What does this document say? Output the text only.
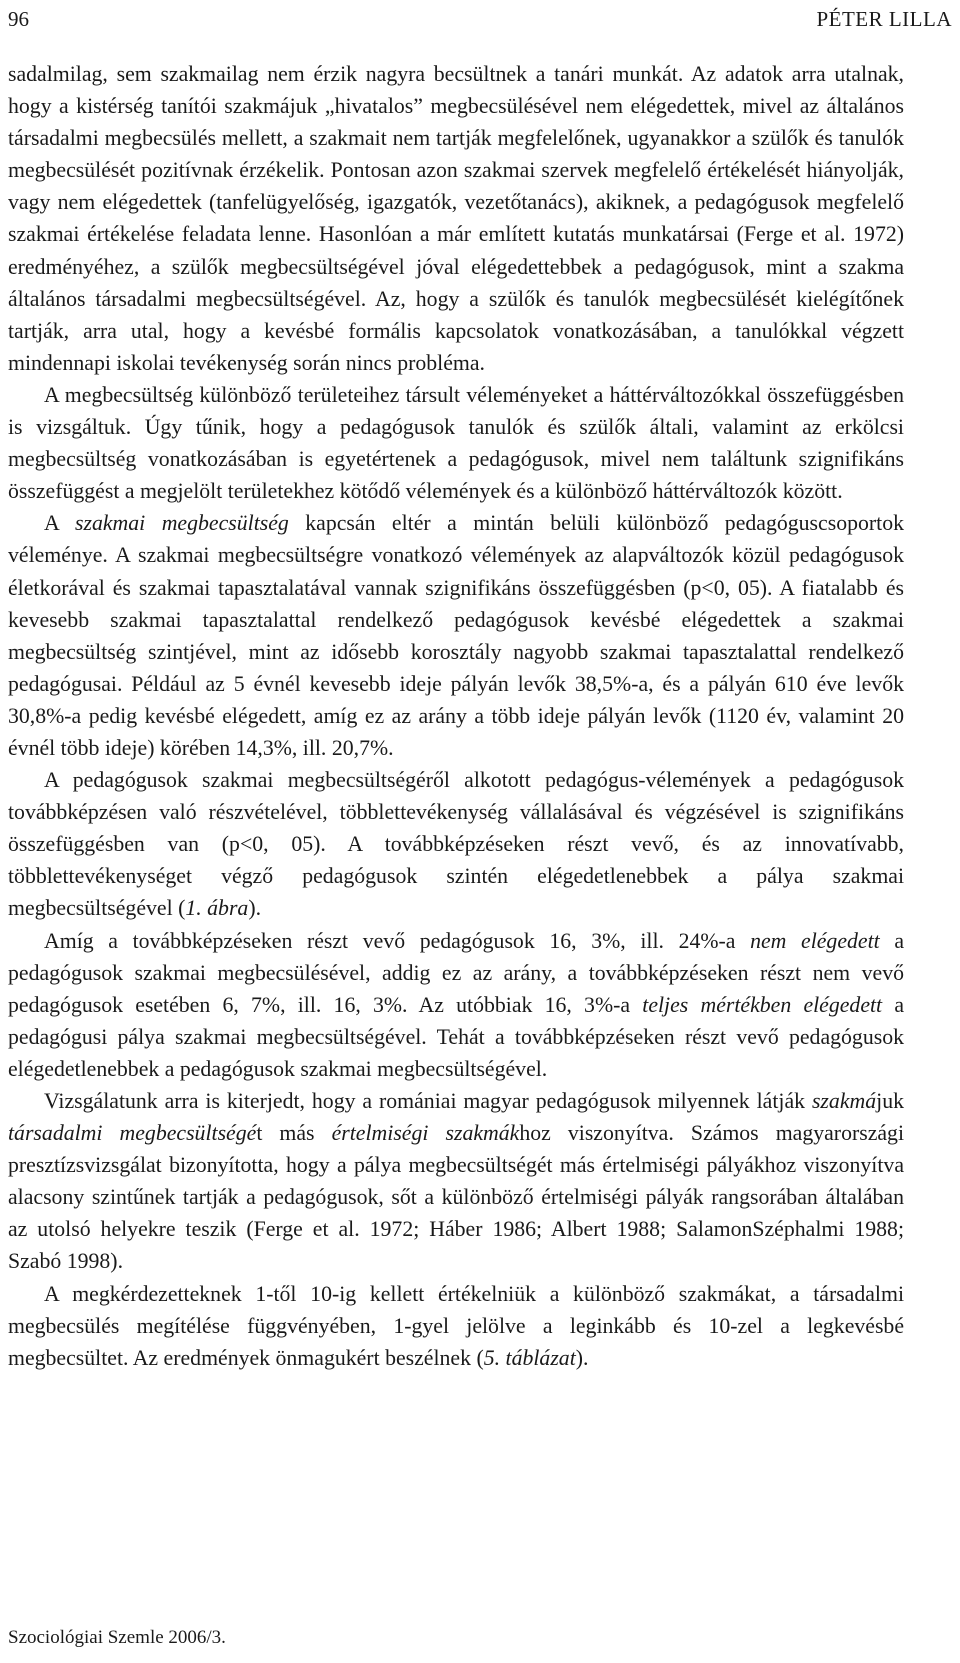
96	PÉTER LILLA

sadalmilag, sem szakmailag nem érzik nagyra becsültnek a tanári munkát. Az adatok arra utalnak, hogy a kistérség tanítói szakmájuk „hivatalos” megbecsülésével nem elégedettek, mivel az általános társadalmi megbecsülés mellett, a szakmait nem tartják megfelelőnek, ugyanakkor a szülők és tanulók megbecsülését pozitívnak érzékelik. Pontosan azon szakmai szervek megfelelő értékelését hiányolják, vagy nem elégedettek (tanfelügyelőség, igazgatók, vezetőtanács), akiknek, a pedagógusok megfelelő szakmai értékelése feladata lenne. Hasonlóan a már említett kutatás munkatársai (Ferge et al. 1972) eredményéhez, a szülők megbecsültségével jóval elégedettebbek a pedagógusok, mint a szakma általános társadalmi megbecsültségével. Az, hogy a szülők és tanulók megbecsülését kielégítőnek tartják, arra utal, hogy a kevésbé formális kapcsolatok vonatkozásában, a tanulókkal végzett mindennapi iskolai tevékenység során nincs probléma.

A megbecsültség különböző területeihez társult véleményeket a háttérváltozókkal összefüggésben is vizsgáltuk. Úgy tűnik, hogy a pedagógusok tanulók és szülők általi, valamint az erkölcsi megbecsültség vonatkozásában is egyetértenek a pedagógusok, mivel nem találtunk szignifikáns összefüggést a megjelölt területekhez kötődő vélemények és a különböző háttérváltozók között.

A szakmai megbecsültség kapcsán eltér a mintán belüli különböző pedagóguscsoportok véleménye. A szakmai megbecsültségre vonatkozó vélemények az alapváltozók közül pedagógusok életkorával és szakmai tapasztalatával vannak szignifikáns összefüggésben (p<0, 05). A fiatalabb és kevesebb szakmai tapasztalattal rendelkező pedagógusok kevésbé elégedettek a szakmai megbecsültség szintjével, mint az idősebb korosztály nagyobb szakmai tapasztalattal rendelkező pedagógusai. Például az 5 évnél kevesebb ideje pályán levők 38,5%-a, és a pályán 610 éve levők 30,8%-a pedig kevésbé elégedett, amíg ez az arány a több ideje pályán levők (1120 év, valamint 20 évnél több ideje) körében 14,3%, ill. 20,7%.

A pedagógusok szakmai megbecsültségéről alkotott pedagógus-vélemények a pedagógusok továbbképzésen való részvételével, többlettevékenység vállalásával és végzésével is szignifikáns összefüggésben van (p<0, 05). A továbbképzéseken részt vevő, és az innovatívabb, többlettevékenységet végző pedagógusok szintén elégedetlenebbek a pálya szakmai megbecsültségével (1. ábra).

Amíg a továbbképzéseken részt vevő pedagógusok 16, 3%, ill. 24%-a nem elégedett a pedagógusok szakmai megbecsülésével, addig ez az arány, a továbbképzéseken részt nem vevő pedagógusok esetében 6, 7%, ill. 16, 3%. Az utóbbiak 16, 3%-a teljes mértékben elégedett a pedagógusi pálya szakmai megbecsültségével. Tehát a továbbképzéseken részt vevő pedagógusok elégedetlenebbek a pedagógusok szakmai megbecsültségével.

Vizsgálatunk arra is kiterjedt, hogy a romániai magyar pedagógusok milyennek látják szakmájuk társadalmi megbecsültségét más értelmiségi szakmákhoz viszonyítva. Számos magyarországi presztízsvizsgálat bizonyította, hogy a pálya megbecsültségét más értelmiségi pályákhoz viszonyítva alacsony szintűnek tartják a pedagógusok, sőt a különböző értelmiségi pályák rangsorában általában az utolsó helyekre teszik (Ferge et al. 1972; Háber 1986; Albert 1988; SalamonSzéphalmi 1988; Szabó 1998).

A megkérdezetteknek 1-től 10-ig kellett értékelniük a különböző szakmákat, a társadalmi megbecsülés megítélése függvényében, 1-gyel jelölve a leginkább és 10-zel a legkevésbé megbecsültet. Az eredmények önmagukért beszélnek (5. táblázat).

Szociológiai Szemle 2006/3.
